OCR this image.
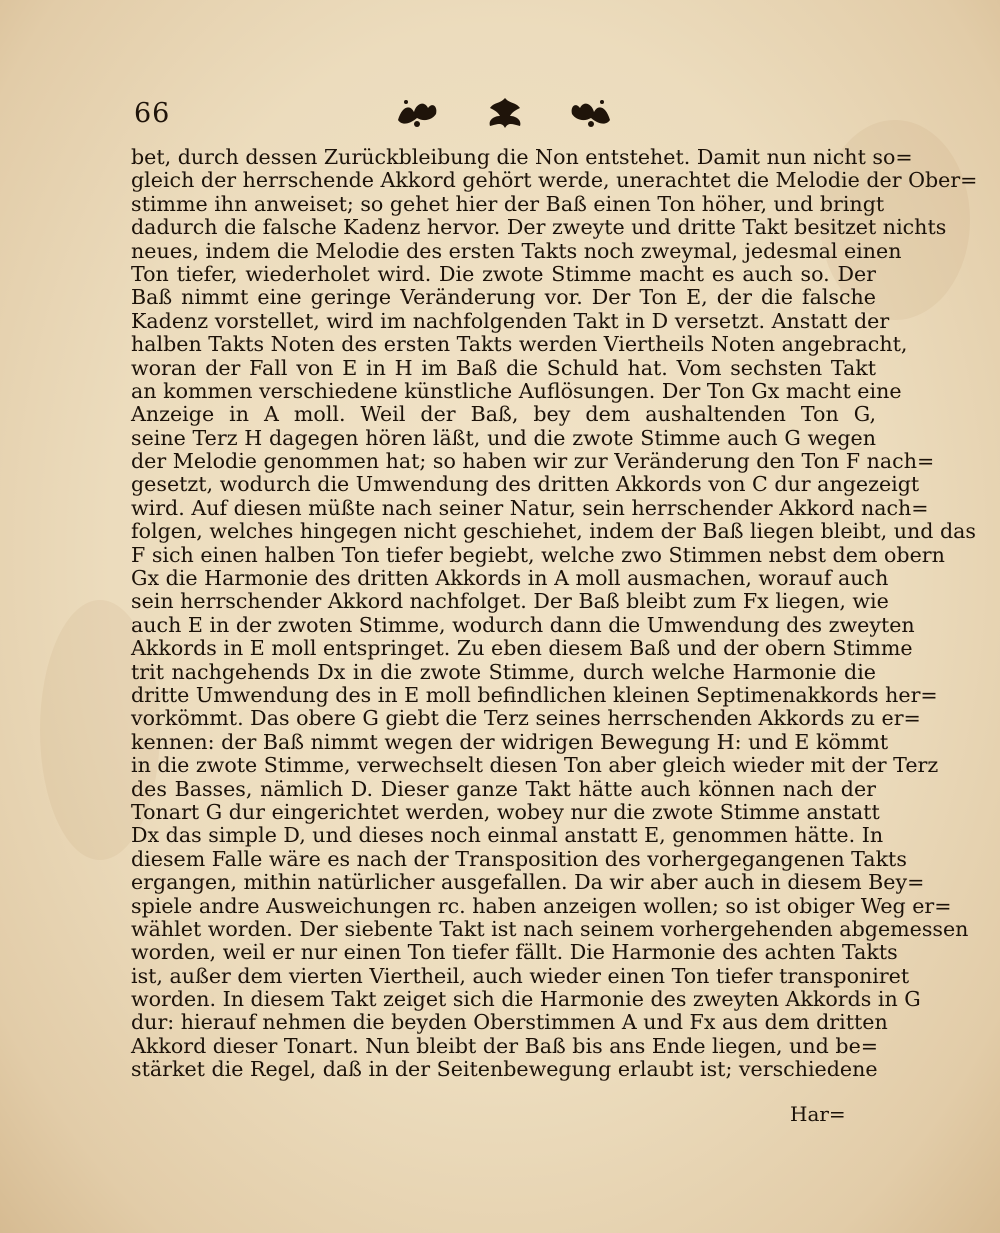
66
bet, durch dessen Zurückbleibung die Non entstehet. Damit nun nicht so=
gleich der herrschende Akkord gehört werde, unerachtet die Melodie der Ober=
stimme ihn anweiset; so gehet hier der Baß einen Ton höher, und bringt
dadurch die falsche Kadenz hervor. Der zweyte und dritte Takt besitzet nichts
neues, indem die Melodie des ersten Takts noch zweymal, jedesmal einen
Ton tiefer, wiederholet wird. Die zwote Stimme macht es auch so. Der
Baß nimmt eine geringe Veränderung vor. Der Ton E, der die falsche
Kadenz vorstellet, wird im nachfolgenden Takt in D versetzt. Anstatt der
halben Takts Noten des ersten Takts werden Viertheils Noten angebracht,
woran der Fall von E in H im Baß die Schuld hat. Vom sechsten Takt
an kommen verschiedene künstliche Auflösungen. Der Ton Gx macht eine
Anzeige in A moll. Weil der Baß, bey dem aushaltenden Ton G,
seine Terz H dagegen hören läßt, und die zwote Stimme auch G wegen
der Melodie genommen hat; so haben wir zur Veränderung den Ton F nach=
gesetzt, wodurch die Umwendung des dritten Akkords von C dur angezeigt
wird. Auf diesen müßte nach seiner Natur, sein herrschender Akkord nach=
folgen, welches hingegen nicht geschiehet, indem der Baß liegen bleibt, und das
F sich einen halben Ton tiefer begiebt, welche zwo Stimmen nebst dem obern
Gx die Harmonie des dritten Akkords in A moll ausmachen, worauf auch
sein herrschender Akkord nachfolget. Der Baß bleibt zum Fx liegen, wie
auch E in der zwoten Stimme, wodurch dann die Umwendung des zweyten
Akkords in E moll entspringet. Zu eben diesem Baß und der obern Stimme
trit nachgehends Dx in die zwote Stimme, durch welche Harmonie die
dritte Umwendung des in E moll befindlichen kleinen Septimenakkords her=
vorkömmt. Das obere G giebt die Terz seines herrschenden Akkords zu er=
kennen: der Baß nimmt wegen der widrigen Bewegung H: und E kömmt
in die zwote Stimme, verwechselt diesen Ton aber gleich wieder mit der Terz
des Basses, nämlich D. Dieser ganze Takt hätte auch können nach der
Tonart G dur eingerichtet werden, wobey nur die zwote Stimme anstatt
Dx das simple D, und dieses noch einmal anstatt E, genommen hätte. In
diesem Falle wäre es nach der Transposition des vorhergegangenen Takts
ergangen, mithin natürlicher ausgefallen. Da wir aber auch in diesem Bey=
spiele andre Ausweichungen rc. haben anzeigen wollen; so ist obiger Weg er=
wählet worden. Der siebente Takt ist nach seinem vorhergehenden abgemessen
worden, weil er nur einen Ton tiefer fällt. Die Harmonie des achten Takts
ist, außer dem vierten Viertheil, auch wieder einen Ton tiefer transponiret
worden. In diesem Takt zeiget sich die Harmonie des zweyten Akkords in G
dur: hierauf nehmen die beyden Oberstimmen A und Fx aus dem dritten
Akkord dieser Tonart. Nun bleibt der Baß bis ans Ende liegen, und be=
stärket die Regel, daß in der Seitenbewegung erlaubt ist; verschiedene
Har=
